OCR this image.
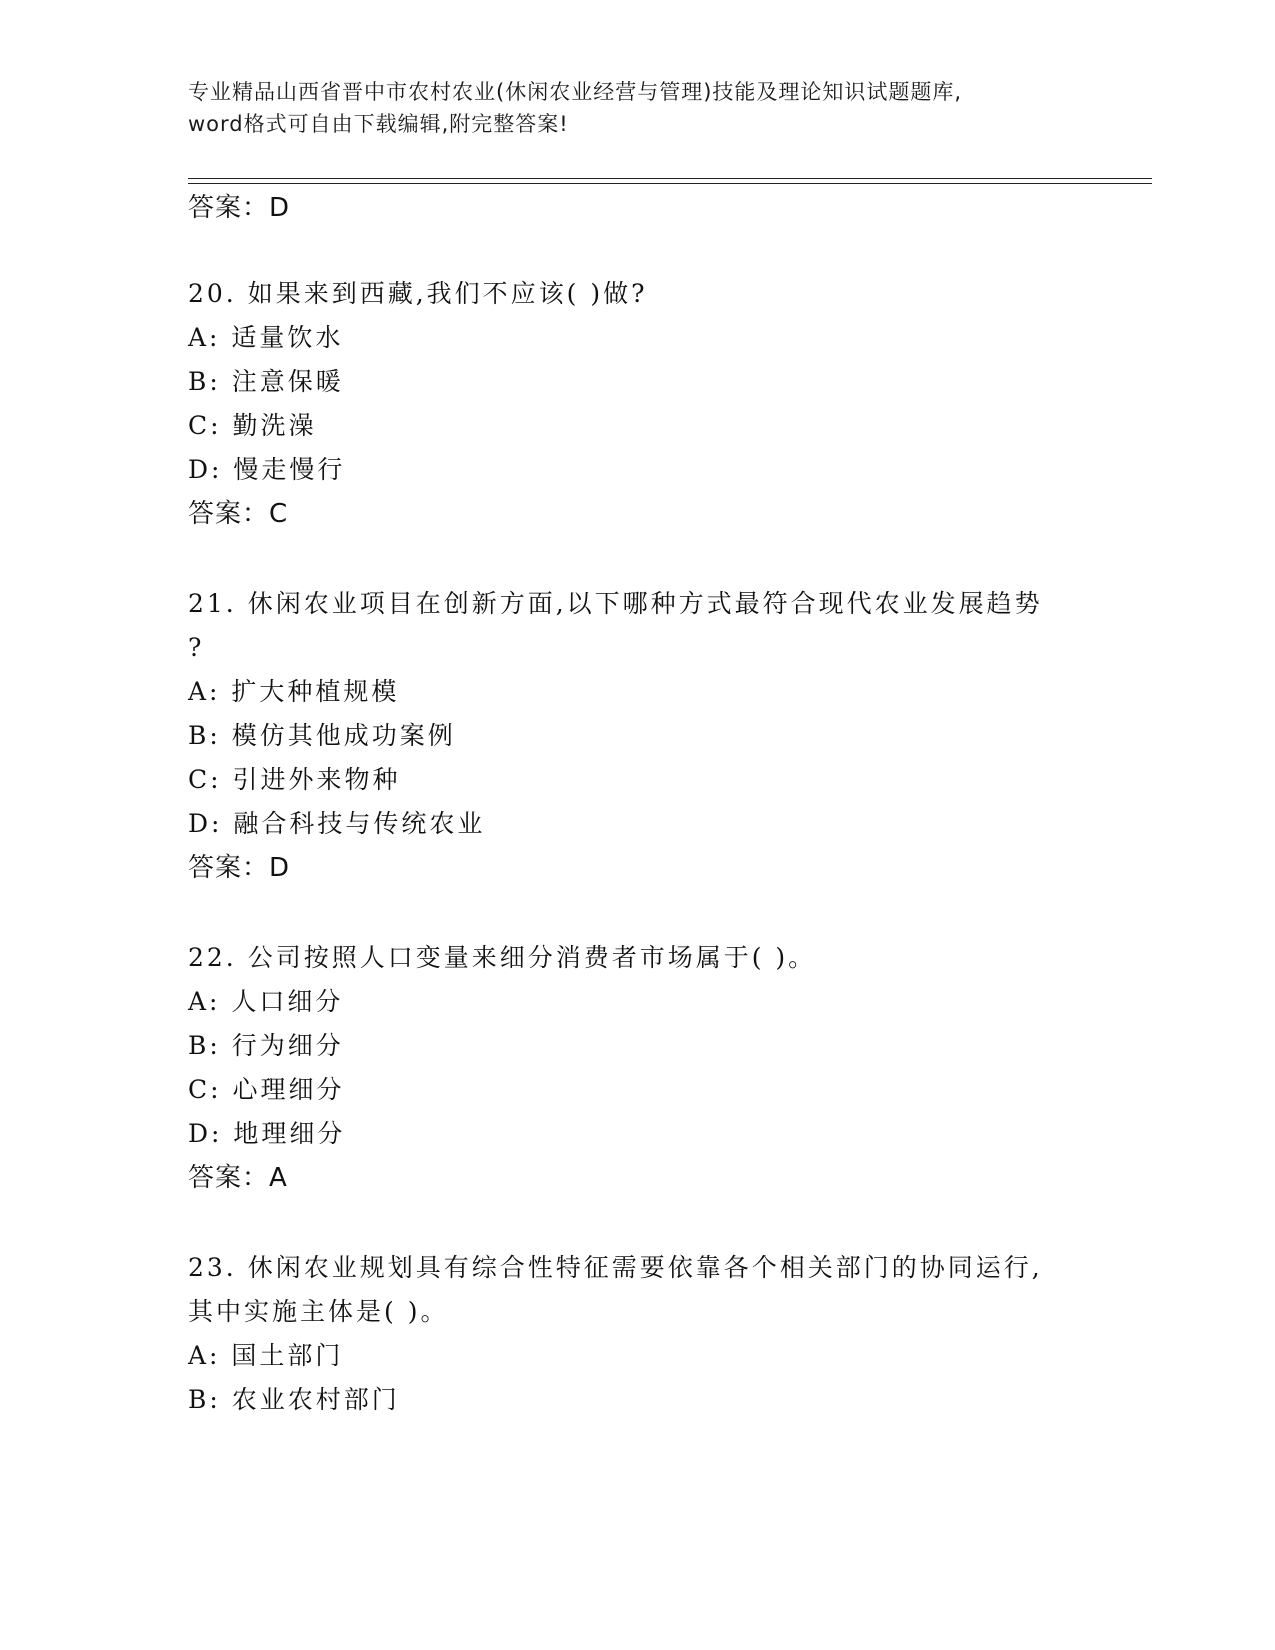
专业精品山西省晋中市农村农业(休闲农业经营与管理)技能及理论知识试题题库,
word格式可自由下载编辑,附完整答案!
答案：D
20. 如果来到西藏,我们不应该( )做?
A: 适量饮水
B: 注意保暖
C: 勤洗澡
D: 慢走慢行
答案：C
21. 休闲农业项目在创新方面,以下哪种方式最符合现代农业发展趋势
?
A: 扩大种植规模
B: 模仿其他成功案例
C: 引进外来物种
D: 融合科技与传统农业
答案：D
22. 公司按照人口变量来细分消费者市场属于( )。
A: 人口细分
B: 行为细分
C: 心理细分
D: 地理细分
答案：A
23. 休闲农业规划具有综合性特征需要依靠各个相关部门的协同运行,
其中实施主体是( )。
A: 国土部门
B: 农业农村部门
